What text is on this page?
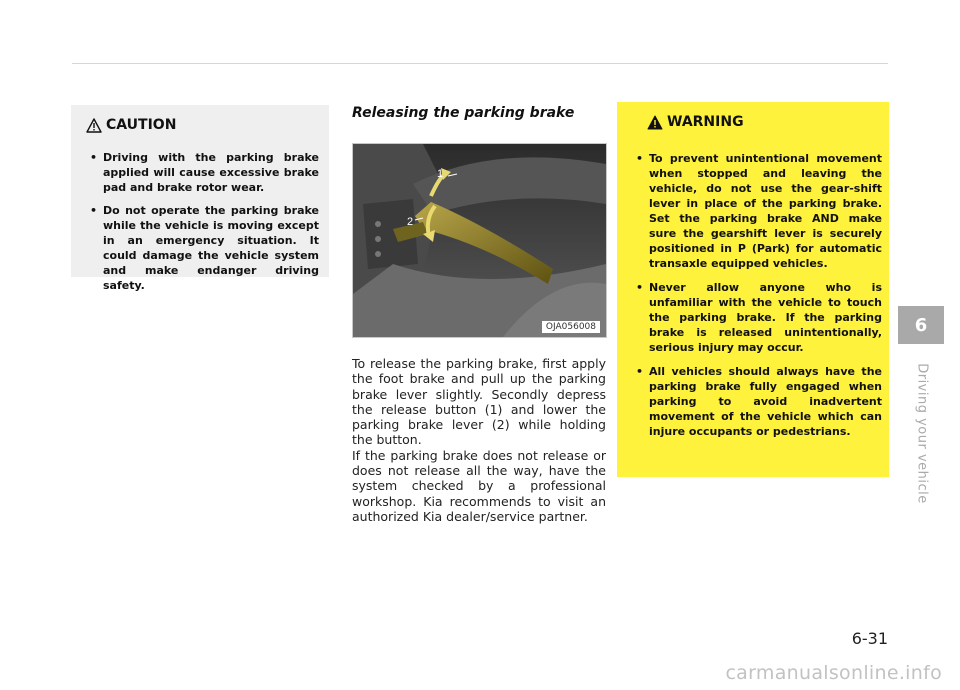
CAUTION
• Driving with the parking brake applied will cause excessive brake pad and brake rotor wear.
• Do not operate the parking brake while the vehicle is moving except in an emergency situation. It could damage the vehicle system and make endanger driving safety.
Releasing the parking brake
1
2
OJA056008

To release the parking brake, first apply the foot brake and pull up the parking brake lever slightly. Secondly depress the release button (1) and lower the parking brake lever (2) while holding the button.

If the parking brake does not release or does not release all the way, have the system checked by a professional workshop. Kia recommends to visit an authorized Kia dealer/service partner.

WARNING
• To prevent unintentional movement when stopped and leaving the vehicle, do not use the gear-shift lever in place of the parking brake. Set the parking brake AND make sure the gearshift lever is securely positioned in P (Park) for automatic transaxle equipped vehicles.
• Never allow anyone who is unfamiliar with the vehicle to touch the parking brake. If the parking brake is released unintentionally, serious injury may occur.
• All vehicles should always have the parking brake fully engaged when parking to avoid inadvertent movement of the vehicle which can injure occupants or pedestrians.
6
Driving your vehicle
6-31
carmanualsonline.info
